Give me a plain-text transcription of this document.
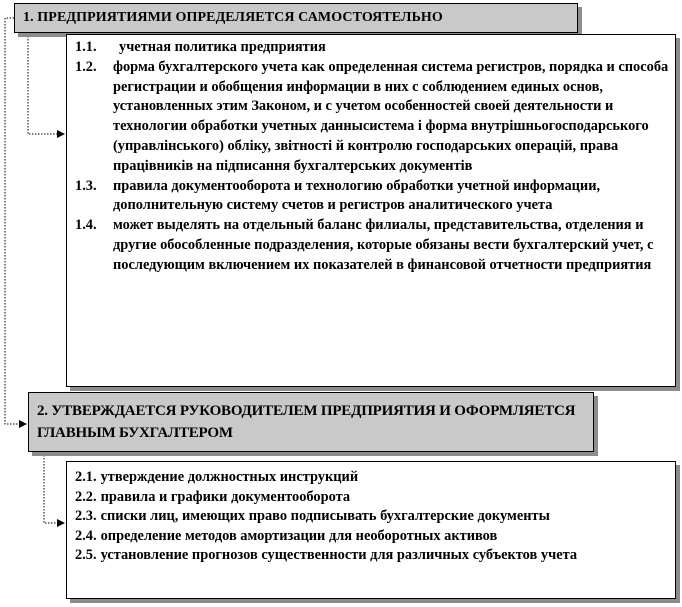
1. ПРЕДПРИЯТИЯМИ ОПРЕДЕЛЯЕТСЯ САМОСТОЯТЕЛЬНО
1.1.	учетная политика предприятия
1.2.	форма бухгалтерского учета как определенная система регистров, порядка и способа регистрации и обобщения информации в них с соблюдением единых основ, установленных этим Законом, и с учетом особенностей своей деятельности и технологии обработки учетных даннысистема і форма внутрішньогосподарського (управлінського) обліку, звітності й контролю господарських операцій, права працівників на підписання бухгалтерських документів
1.3.	правила документооборота и технологию обработки учетной информации, дополнительную систему счетов и регистров аналитического учета
1.4.	может выделять на отдельный баланс филиалы, представительства, отделения и другие обособленные подразделения, которые обязаны вести бухгалтерский учет, с последующим включением их показателей в финансовой отчетности предприятия
2. УТВЕРЖДАЕТСЯ РУКОВОДИТЕЛЕМ ПРЕДПРИЯТИЯ И ОФОРМЛЯЕТСЯ ГЛАВНЫМ БУХГАЛТЕРОМ
2.1. утверждение должностных инструкций
2.2. правила и графики документооборота
2.3. списки лиц, имеющих право подписывать бухгалтерские документы
2.4. определение методов амортизации для необоротных активов
2.5. установление прогнозов существенности для различных субъектов учета
